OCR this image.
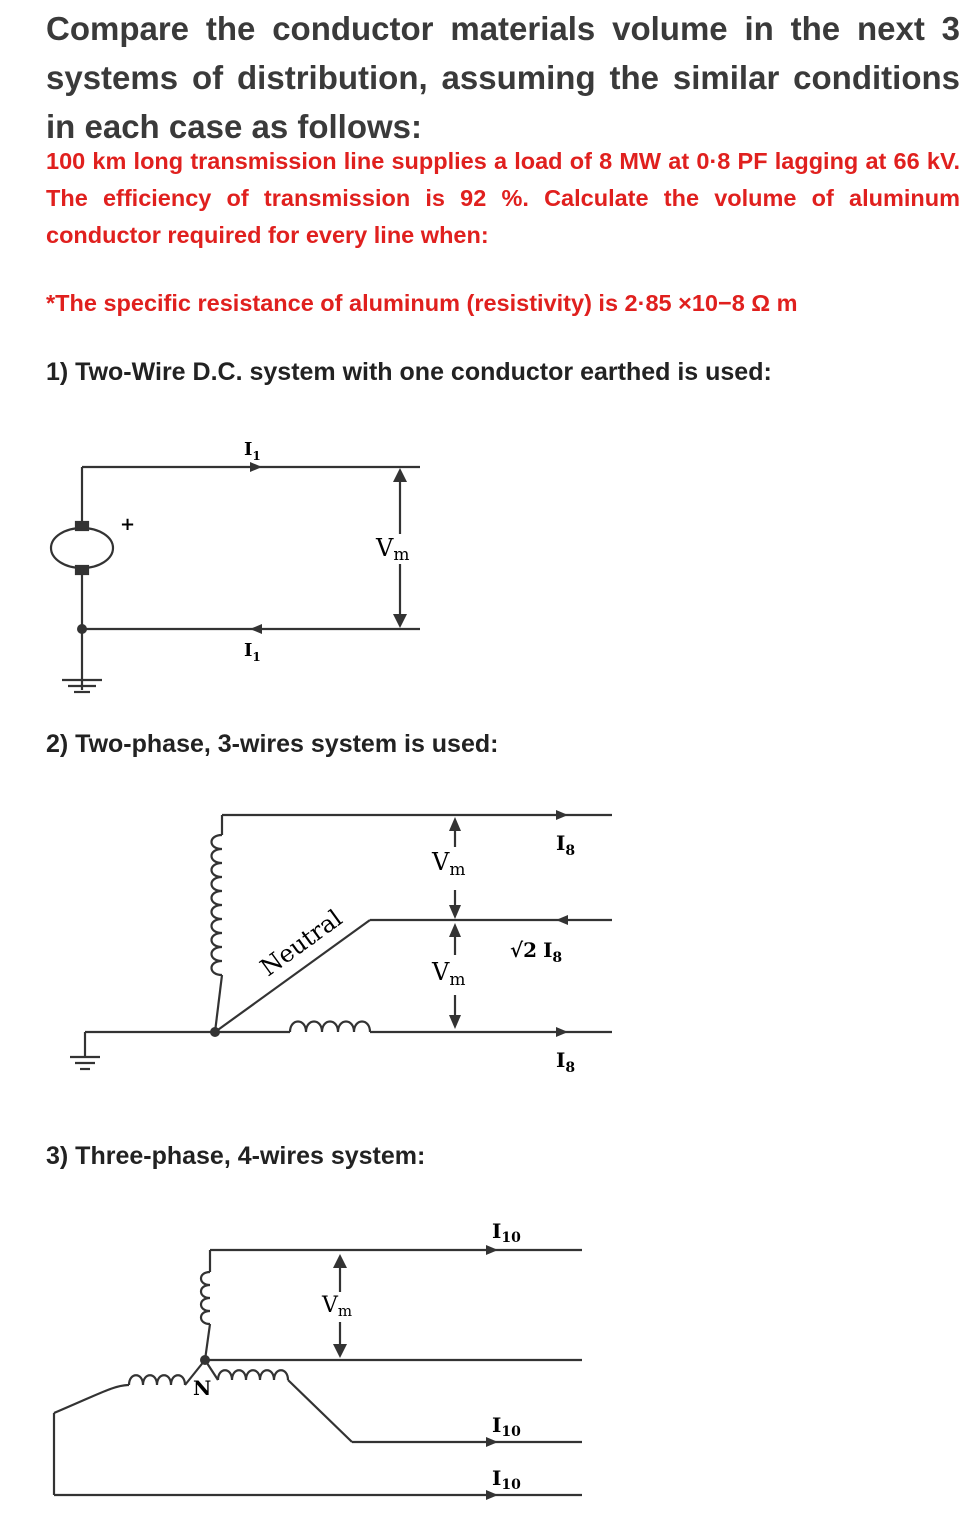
Compare the conductor materials volume in the next 3 systems of distribution, assuming the similar conditions in each case as follows:

100 km long transmission line supplies a load of 8 MW at 0·8 PF lagging at 66 kV. The efficiency of transmission is 92 %. Calculate the volume of aluminum conductor required for every line when:

*The specific resistance of aluminum (resistivity) is 2·85 ×10−8 Ω m

1) Two-Wire D.C. system with one conductor earthed is used:

+
$I_1$
$I_1$
Vm

2) Two-phase, 3-wires system is used:

Neutral
$V_m$
$V_m$
$I_8$
√2 $I_8$
$I_8$

3) Three-phase, 4-wires system:

N
Vm
$I_{10}$
$I_{10}$
$I_{10}$
